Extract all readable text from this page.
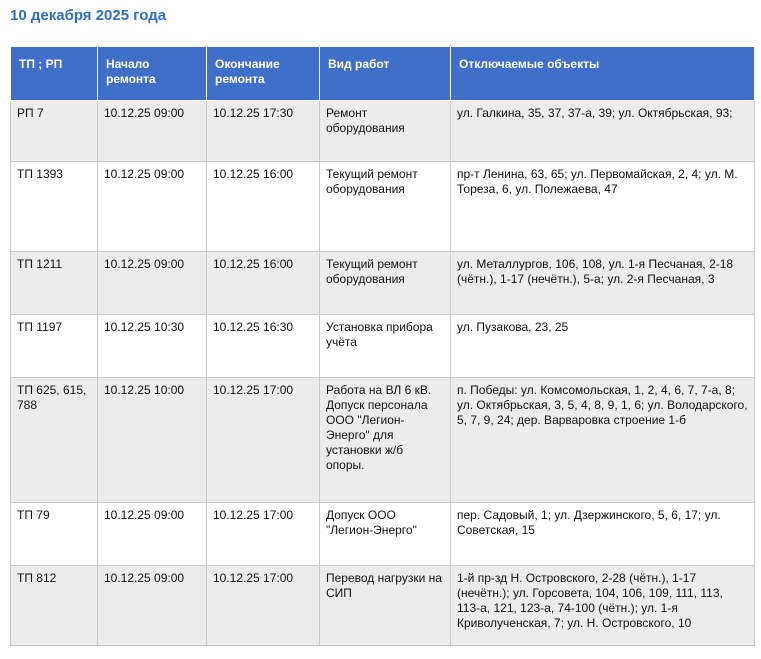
10 декабря 2025 года
ТП ; РП	Начало ремонта	Окончание ремонта	Вид работ	Отключаемые объекты
РП 7	10.12.25 09:00	10.12.25 17:30	Ремонт оборудования	ул. Галкина, 35, 37, 37-а, 39; ул. Октябрьская, 93;
ТП 1393	10.12.25 09:00	10.12.25 16:00	Текущий ремонт оборудования	пр-т Ленина, 63, 65; ул. Первомайская, 2, 4; ул. М. Тореза, 6, ул. Полежаева, 47
ТП 1211	10.12.25 09:00	10.12.25 16:00	Текущий ремонт оборудования	ул. Металлургов, 106, 108, ул. 1-я Песчаная, 2-18 (чётн.), 1-17 (нечётн.), 5-а; ул. 2-я Песчаная, 3
ТП 1197	10.12.25 10:30	10.12.25 16:30	Установка прибора учёта	ул. Пузакова, 23, 25
ТП 625, 615, 788	10.12.25 10:00	10.12.25 17:00	Работа на ВЛ 6 кВ. Допуск персонала ООО "Легион-Энерго" для установки ж/б опоры.	п. Победы: ул. Комсомольская, 1, 2, 4, 6, 7, 7-а, 8; ул. Октябрьская, 3, 5, 4, 8, 9, 1, 6; ул. Володарского, 5, 7, 9, 24; дер. Варваровка строение 1-б
ТП 79	10.12.25 09:00	10.12.25 17:00	Допуск ООО "Легион-Энерго"	пер. Садовый, 1; ул. Дзержинского, 5, 6, 17; ул. Советская, 15
ТП 812	10.12.25 09:00	10.12.25 17:00	Перевод нагрузки на СИП	1-й пр-зд Н. Островского, 2-28 (чётн.), 1-17 (нечётн.); ул. Горсовета, 104, 106, 109, 111, 113, 113-а, 121, 123-а, 74-100 (чётн.); ул. 1-я Криволученская, 7; ул. Н. Островского, 10
